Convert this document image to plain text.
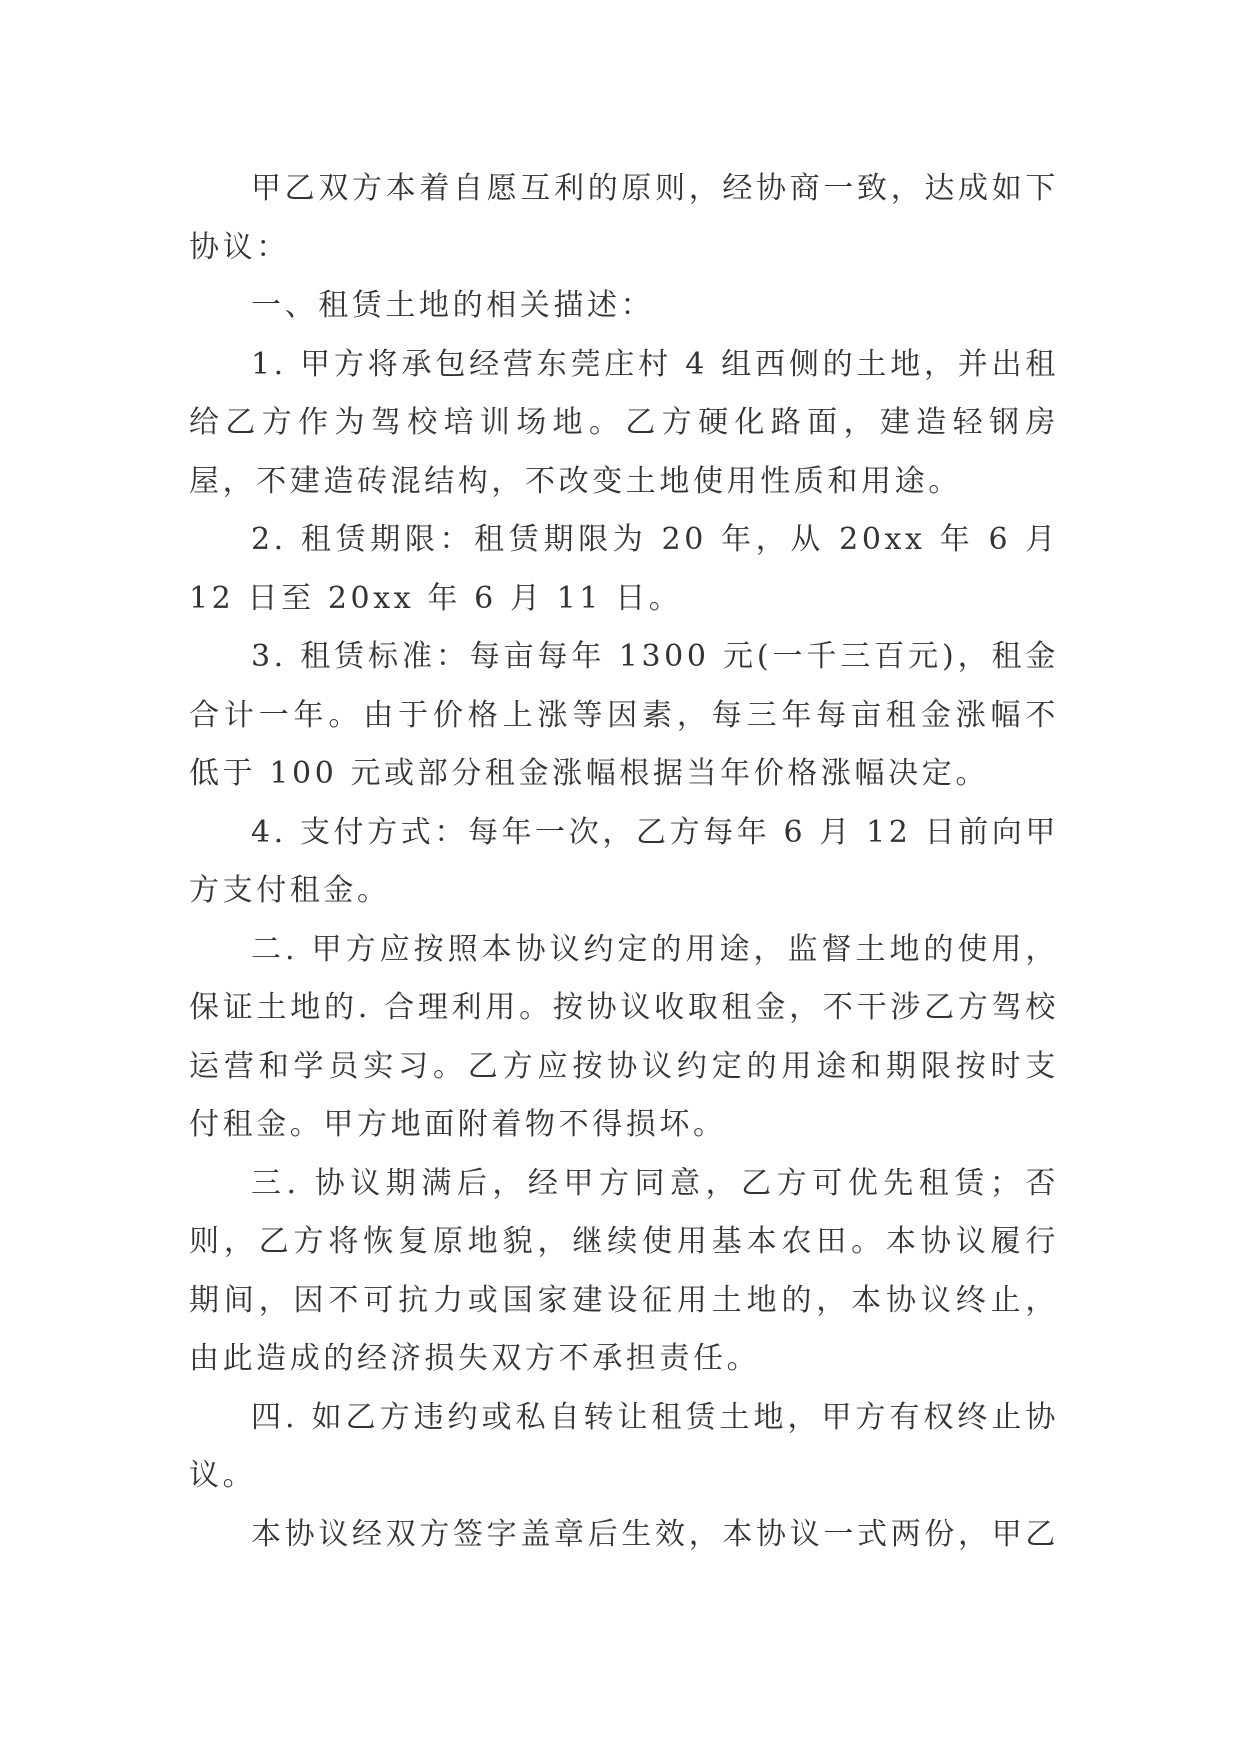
甲乙双方本着自愿互利的原则，经协商一致，达成如下协议：

一、租赁土地的相关描述：

1. 甲方将承包经营东莞庄村 4 组西侧的土地，并出租给乙方作为驾校培训场地。乙方硬化路面，建造轻钢房屋，不建造砖混结构，不改变土地使用性质和用途。

2. 租赁期限：租赁期限为 20 年，从 20xx 年 6 月 12 日至 20xx 年 6 月 11 日。

3. 租赁标准：每亩每年 1300 元(一千三百元)，租金合计一年。由于价格上涨等因素，每三年每亩租金涨幅不低于 100 元或部分租金涨幅根据当年价格涨幅决定。

4. 支付方式：每年一次，乙方每年 6 月 12 日前向甲方支付租金。

二. 甲方应按照本协议约定的用途，监督土地的使用，保证土地的. 合理利用。按协议收取租金，不干涉乙方驾校运营和学员实习。乙方应按协议约定的用途和期限按时支付租金。甲方地面附着物不得损坏。

三. 协议期满后，经甲方同意，乙方可优先租赁；否则，乙方将恢复原地貌，继续使用基本农田。本协议履行期间，因不可抗力或国家建设征用土地的，本协议终止，由此造成的经济损失双方不承担责任。

四. 如乙方违约或私自转让租赁土地，甲方有权终止协议。

本协议经双方签字盖章后生效，本协议一式两份，甲乙
